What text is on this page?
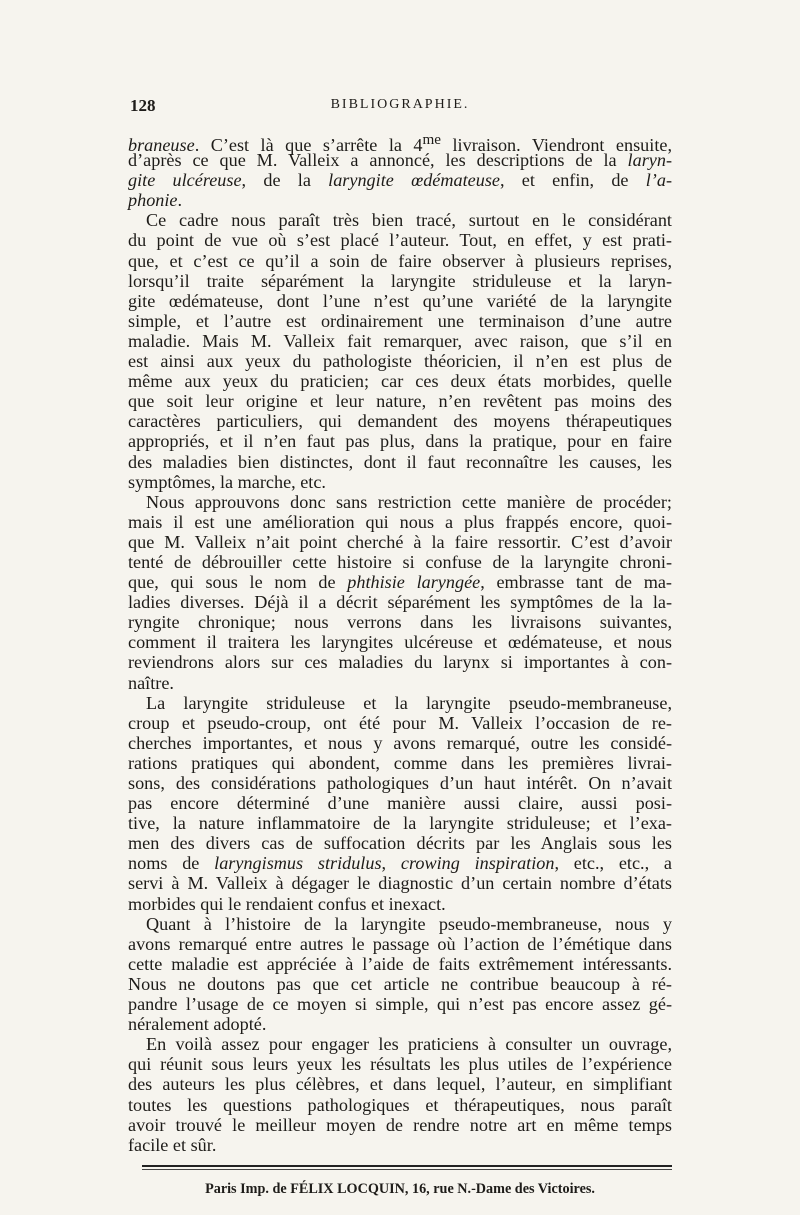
128	BIBLIOGRAPHIE.
braneuse. C’est là que s’arrête la $4^{me}$ livraison. Viendront ensuite,
d’après ce que M. Valleix a annoncé, les descriptions de la laryn-
gite ulcéreuse, de la laryngite œdémateuse, et enfin, de l’a-
phonie.
Ce cadre nous paraît très bien tracé, surtout en le considérant
du point de vue où s’est placé l’auteur. Tout, en effet, y est prati-
que, et c’est ce qu’il a soin de faire observer à plusieurs reprises,
lorsqu’il traite séparément la laryngite striduleuse et la laryn-
gite œdémateuse, dont l’une n’est qu’une variété de la laryngite
simple, et l’autre est ordinairement une terminaison d’une autre
maladie. Mais M. Valleix fait remarquer, avec raison, que s’il en
est ainsi aux yeux du pathologiste théoricien, il n’en est plus de
même aux yeux du praticien; car ces deux états morbides, quelle
que soit leur origine et leur nature, n’en revêtent pas moins des
caractères particuliers, qui demandent des moyens thérapeutiques
appropriés, et il n’en faut pas plus, dans la pratique, pour en faire
des maladies bien distinctes, dont il faut reconnaître les causes, les
symptômes, la marche, etc.
Nous approuvons donc sans restriction cette manière de procéder;
mais il est une amélioration qui nous a plus frappés encore, quoi-
que M. Valleix n’ait point cherché à la faire ressortir. C’est d’avoir
tenté de débrouiller cette histoire si confuse de la laryngite chroni-
que, qui sous le nom de phthisie laryngée, embrasse tant de ma-
ladies diverses. Déjà il a décrit séparément les symptômes de la la-
ryngite chronique; nous verrons dans les livraisons suivantes,
comment il traitera les laryngites ulcéreuse et œdémateuse, et nous
reviendrons alors sur ces maladies du larynx si importantes à con-
naître.
La laryngite striduleuse et la laryngite pseudo-membraneuse,
croup et pseudo-croup, ont été pour M. Valleix l’occasion de re-
cherches importantes, et nous y avons remarqué, outre les considé-
rations pratiques qui abondent, comme dans les premières livrai-
sons, des considérations pathologiques d’un haut intérêt. On n’avait
pas encore déterminé d’une manière aussi claire, aussi posi-
tive, la nature inflammatoire de la laryngite striduleuse; et l’exa-
men des divers cas de suffocation décrits par les Anglais sous les
noms de laryngismus stridulus, crowing inspiration, etc., etc., a
servi à M. Valleix à dégager le diagnostic d’un certain nombre d’états
morbides qui le rendaient confus et inexact.
Quant à l’histoire de la laryngite pseudo-membraneuse, nous y
avons remarqué entre autres le passage où l’action de l’émétique dans
cette maladie est appréciée à l’aide de faits extrêmement intéressants.
Nous ne doutons pas que cet article ne contribue beaucoup à ré-
pandre l’usage de ce moyen si simple, qui n’est pas encore assez gé-
néralement adopté.
En voilà assez pour engager les praticiens à consulter un ouvrage,
qui réunit sous leurs yeux les résultats les plus utiles de l’expérience
des auteurs les plus célèbres, et dans lequel, l’auteur, en simplifiant
toutes les questions pathologiques et thérapeutiques, nous paraît
avoir trouvé le meilleur moyen de rendre notre art en même temps
facile et sûr.
Paris Imp. de FÉLIX LOCQUIN, 16, rue N.-Dame des Victoires.
